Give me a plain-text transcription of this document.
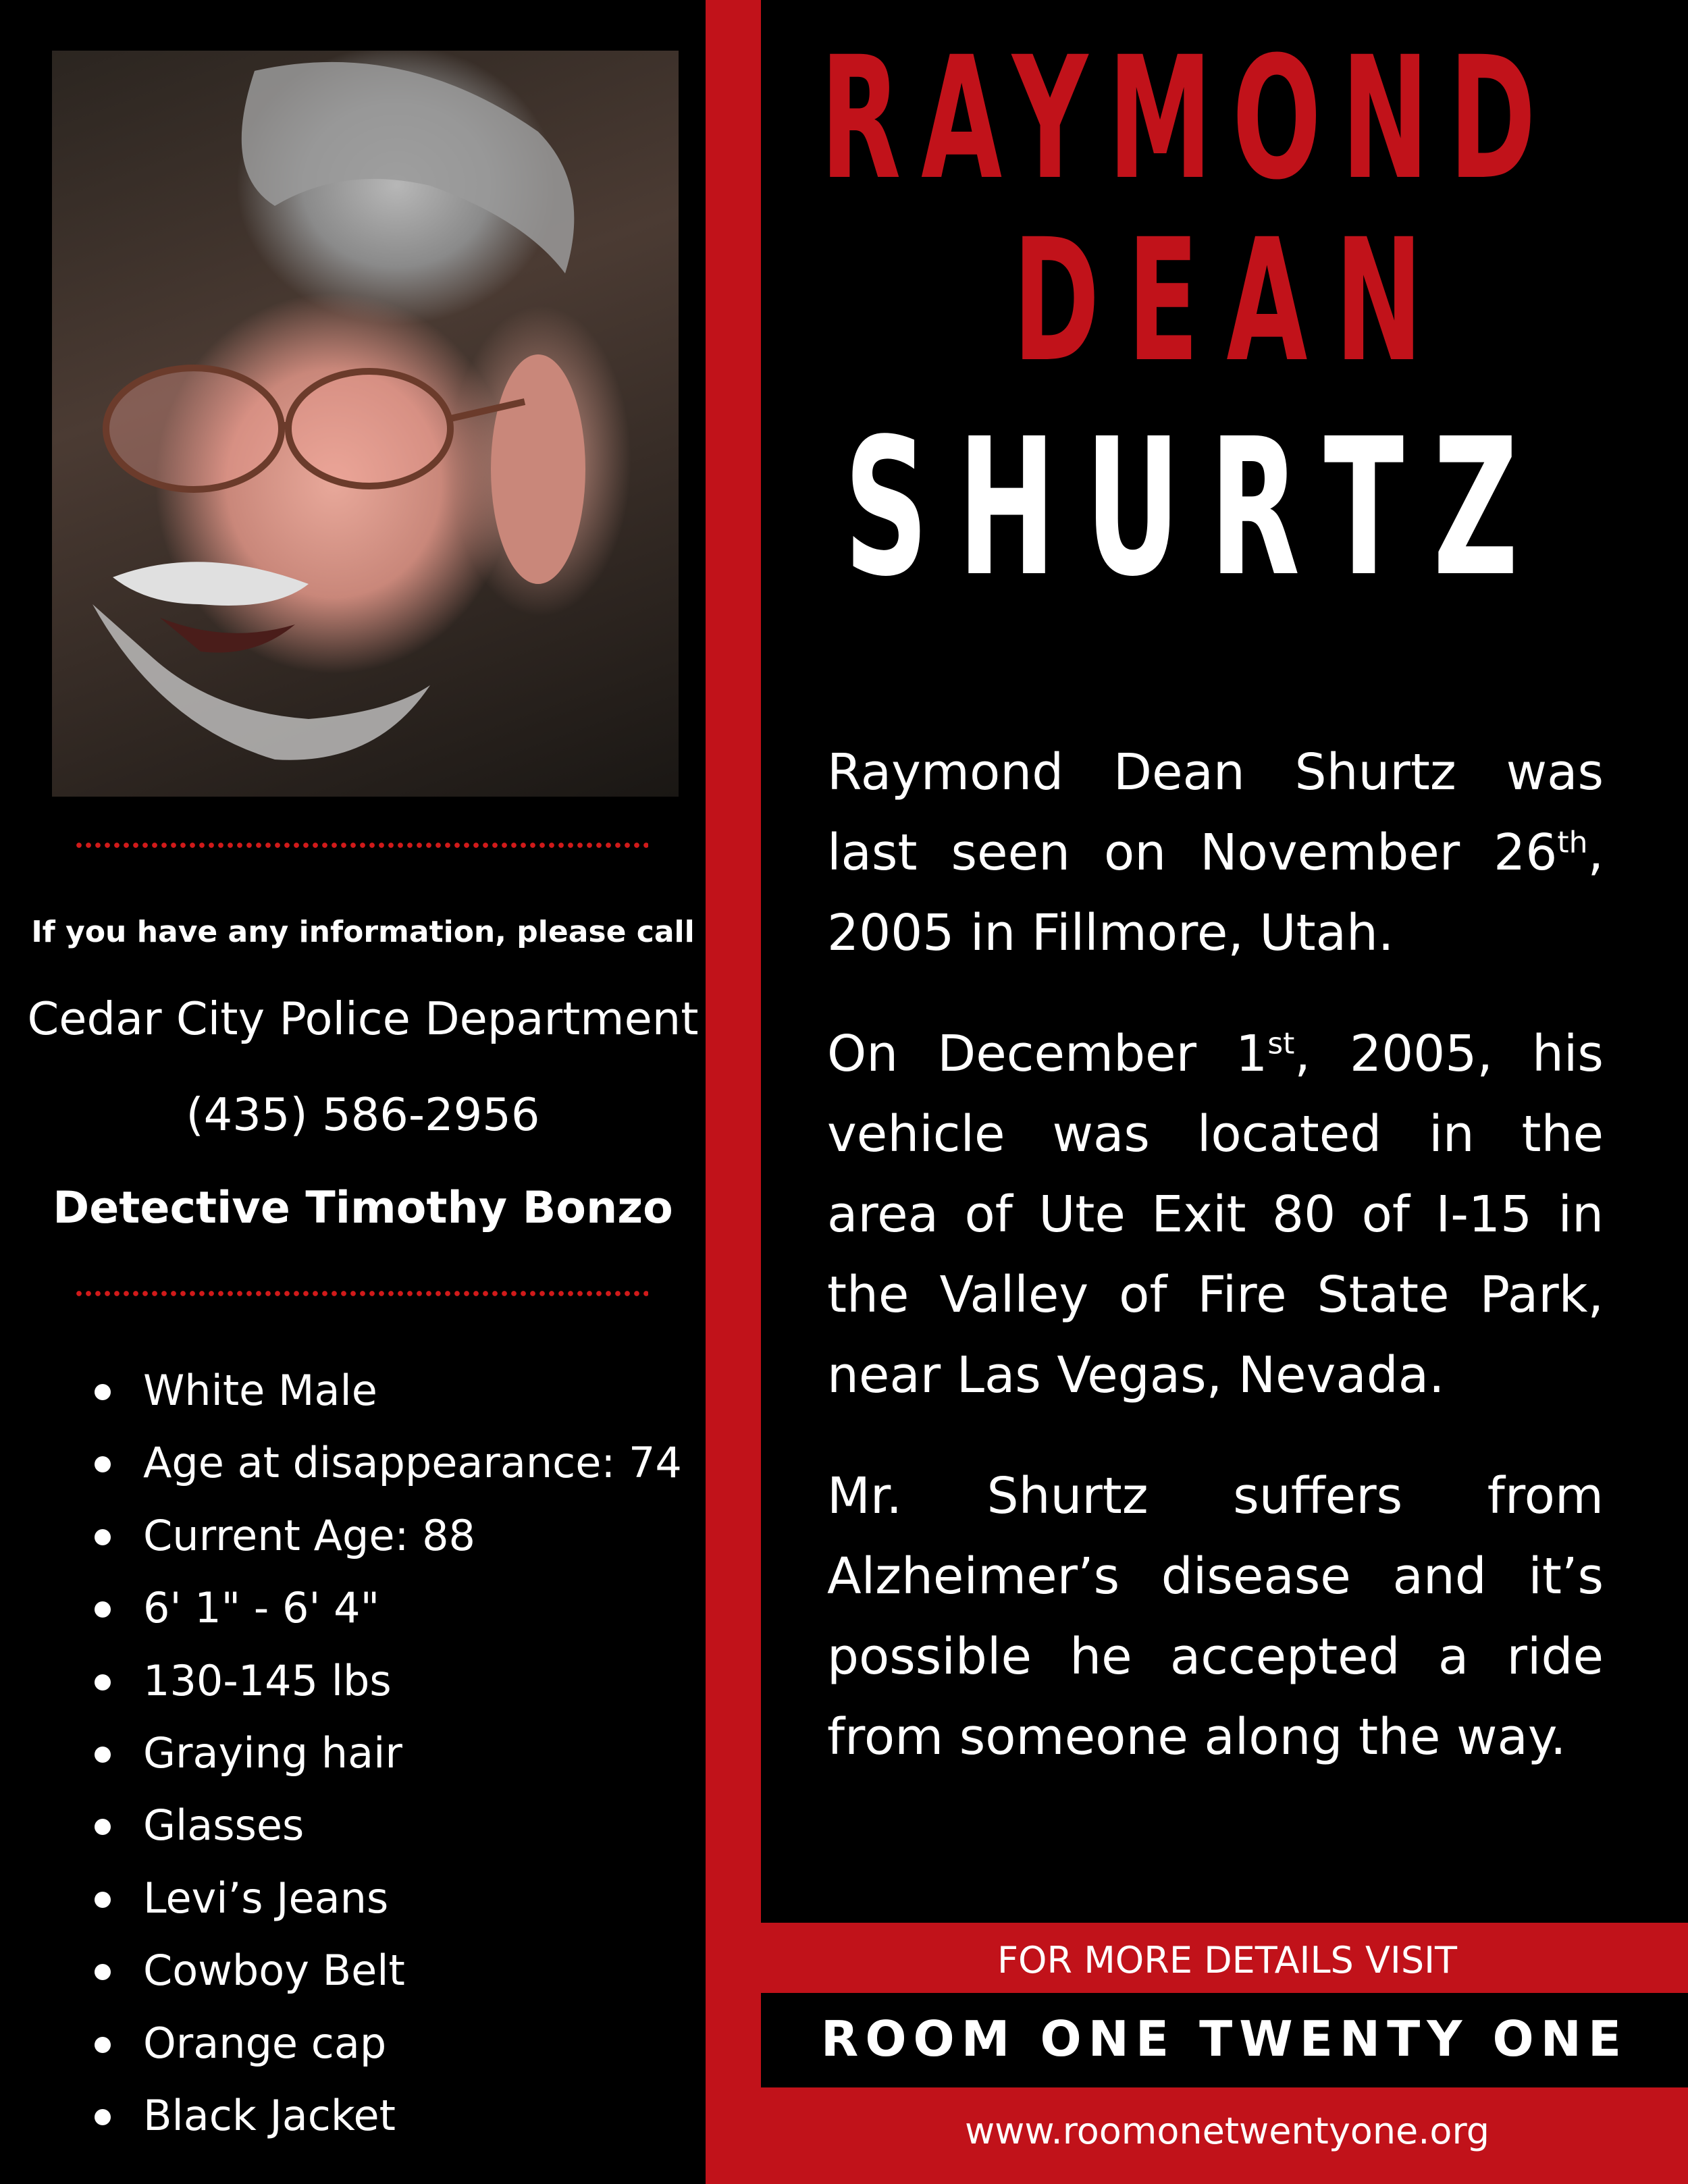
If you have any information, please call
Cedar City Police Department
(435) 586-2956
Detective Timothy Bonzo
White Male
Age at disappearance: 74
Current Age: 88
6' 1" - 6' 4"
130-145 lbs
Graying hair
Glasses
Levi’s Jeans
Cowboy Belt
Orange cap
Black Jacket
RAYMOND
DEAN
SHURTZ

Raymond Dean Shurtz was last seen on November 26th, 2005 in Fillmore, Utah.

On December 1st, 2005, his vehicle was located in the area of Ute Exit 80 of I-15 in the Valley of Fire State Park, near Las Vegas, Nevada.

Mr. Shurtz suffers from Alzheimer’s disease and it’s possible he accepted a ride from someone along the way.

FOR MORE DETAILS VISIT
ROOM ONE TWENTY ONE
www.roomonetwentyone.org
